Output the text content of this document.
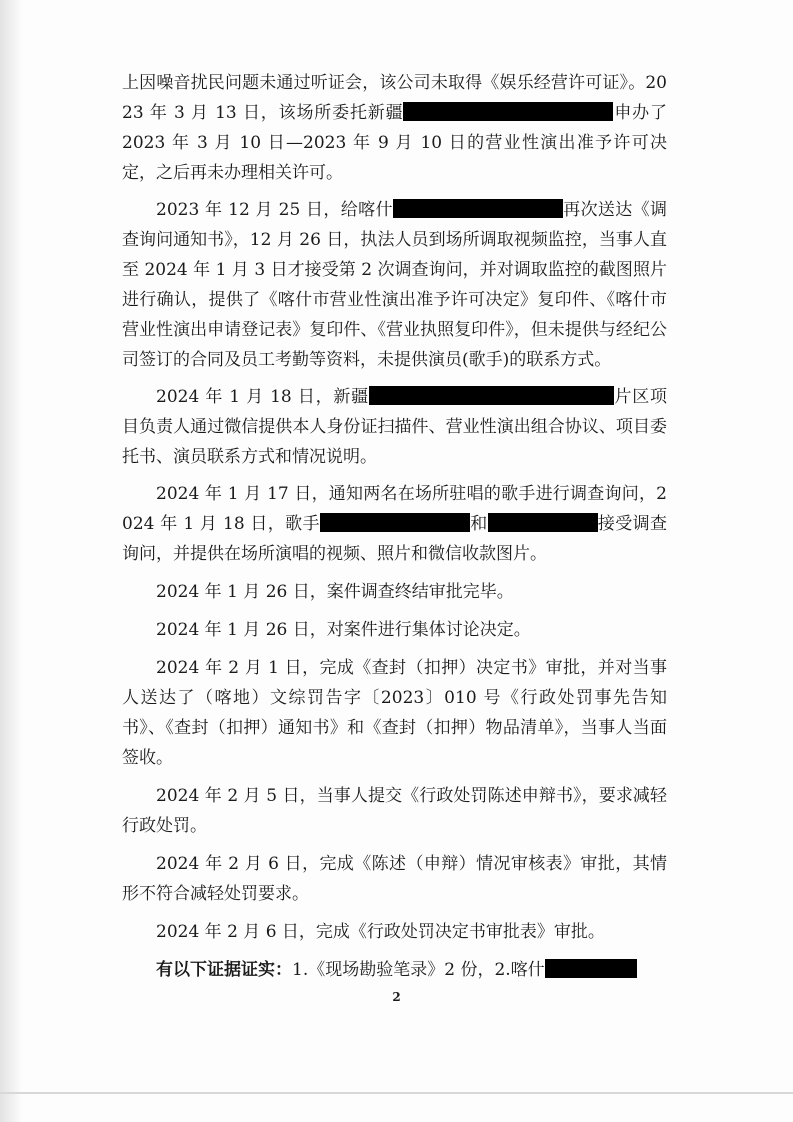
上因噪音扰民问题未通过听证会，该公司未取得《娱乐经营许可证》。2023 年 3 月 13 日，该场所委托新疆	申办了 2023 年 3 月 10 日—2023 年 9 月 10 日的营业性演出准予许可决定，之后再未办理相关许可。

2023 年 12 月 25 日，给喀什	再次送达《调查询问通知书》，12 月 26 日，执法人员到场所调取视频监控，当事人直至 2024 年 1 月 3 日才接受第 2 次调查询问，并对调取监控的截图照片进行确认，提供了《喀什市营业性演出准予许可决定》复印件、《喀什市营业性演出申请登记表》复印件、《营业执照复印件》，但未提供与经纪公司签订的合同及员工考勤等资料，未提供演员(歌手)的联系方式。

2024 年 1 月 18 日，新疆	片区项目负责人通过微信提供本人身份证扫描件、营业性演出组合协议、项目委托书、演员联系方式和情况说明。

2024 年 1 月 17 日，通知两名在场所驻唱的歌手进行调查询问，2024 年 1 月 18 日，歌手	和	接受调查询问，并提供在场所演唱的视频、照片和微信收款图片。

2024 年 1 月 26 日，案件调查终结审批完毕。

2024 年 1 月 26 日，对案件进行集体讨论决定。

2024 年 2 月 1 日，完成《查封（扣押）决定书》审批，并对当事人送达了（喀地）文综罚告字〔2023〕010 号《行政处罚事先告知书》、《查封（扣押）通知书》和《查封（扣押）物品清单》，当事人当面签收。

2024 年 2 月 5 日，当事人提交《行政处罚陈述申辩书》，要求减轻行政处罚。

2024 年 2 月 6 日，完成《陈述（申辩）情况审核表》审批，其情形不符合减轻处罚要求。

2024 年 2 月 6 日，完成《行政处罚决定书审批表》审批。

有以下证据证实：1.《现场勘验笔录》2 份，2.喀什

2
